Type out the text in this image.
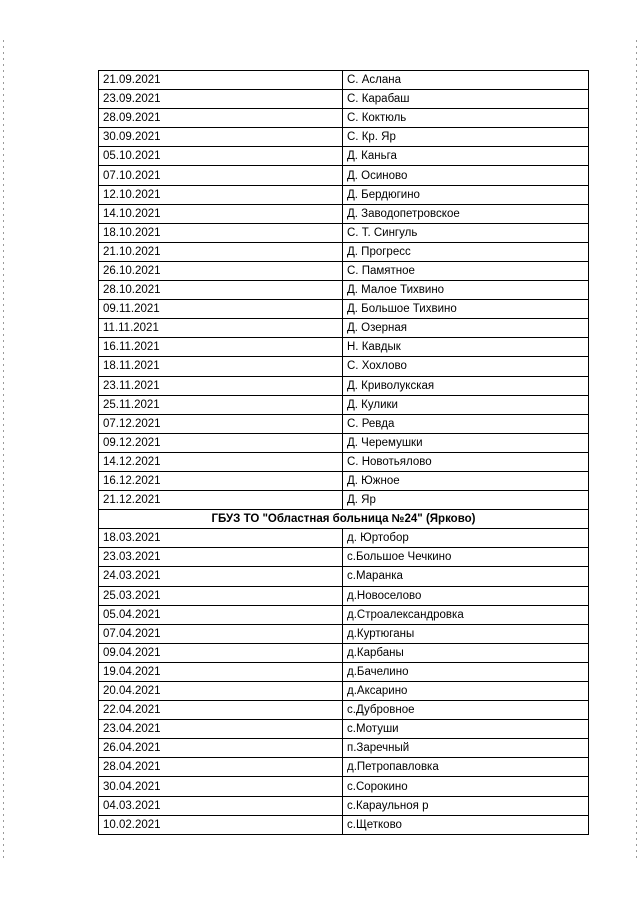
21.09.2021	С. Аслана
23.09.2021	С. Карабаш
28.09.2021	С. Коктюль
30.09.2021	С. Кр. Яр
05.10.2021	Д. Каньга
07.10.2021	Д. Осиново
12.10.2021	Д. Бердюгино
14.10.2021	Д. Заводопетровское
18.10.2021	С. Т. Сингуль
21.10.2021	Д. Прогресс
26.10.2021	С. Памятное
28.10.2021	Д. Малое Тихвино
09.11.2021	Д. Большое Тихвино
11.11.2021	Д. Озерная
16.11.2021	Н. Кавдык
18.11.2021	С. Хохлово
23.11.2021	Д. Криволукская
25.11.2021	Д. Кулики
07.12.2021	С. Ревда
09.12.2021	Д. Черемушки
14.12.2021	С. Новотьялово
16.12.2021	Д. Южное
21.12.2021	Д. Яр
ГБУЗ ТО "Областная больница №24" (Ярково)	
18.03.2021	д. Юртобор
23.03.2021	с.Большое Чечкино
24.03.2021	с.Маранка
25.03.2021	д.Новоселово
05.04.2021	д.Строалександровка
07.04.2021	д.Куртюганы
09.04.2021	д.Карбаны
19.04.2021	д.Бачелино
20.04.2021	д.Аксарино
22.04.2021	с.Дубровное
23.04.2021	с.Мотуши
26.04.2021	п.Заречный
28.04.2021	д.Петропавловка
30.04.2021	с.Сорокино
04.03.2021	с.Караульноя р
10.02.2021	с.Щетково
